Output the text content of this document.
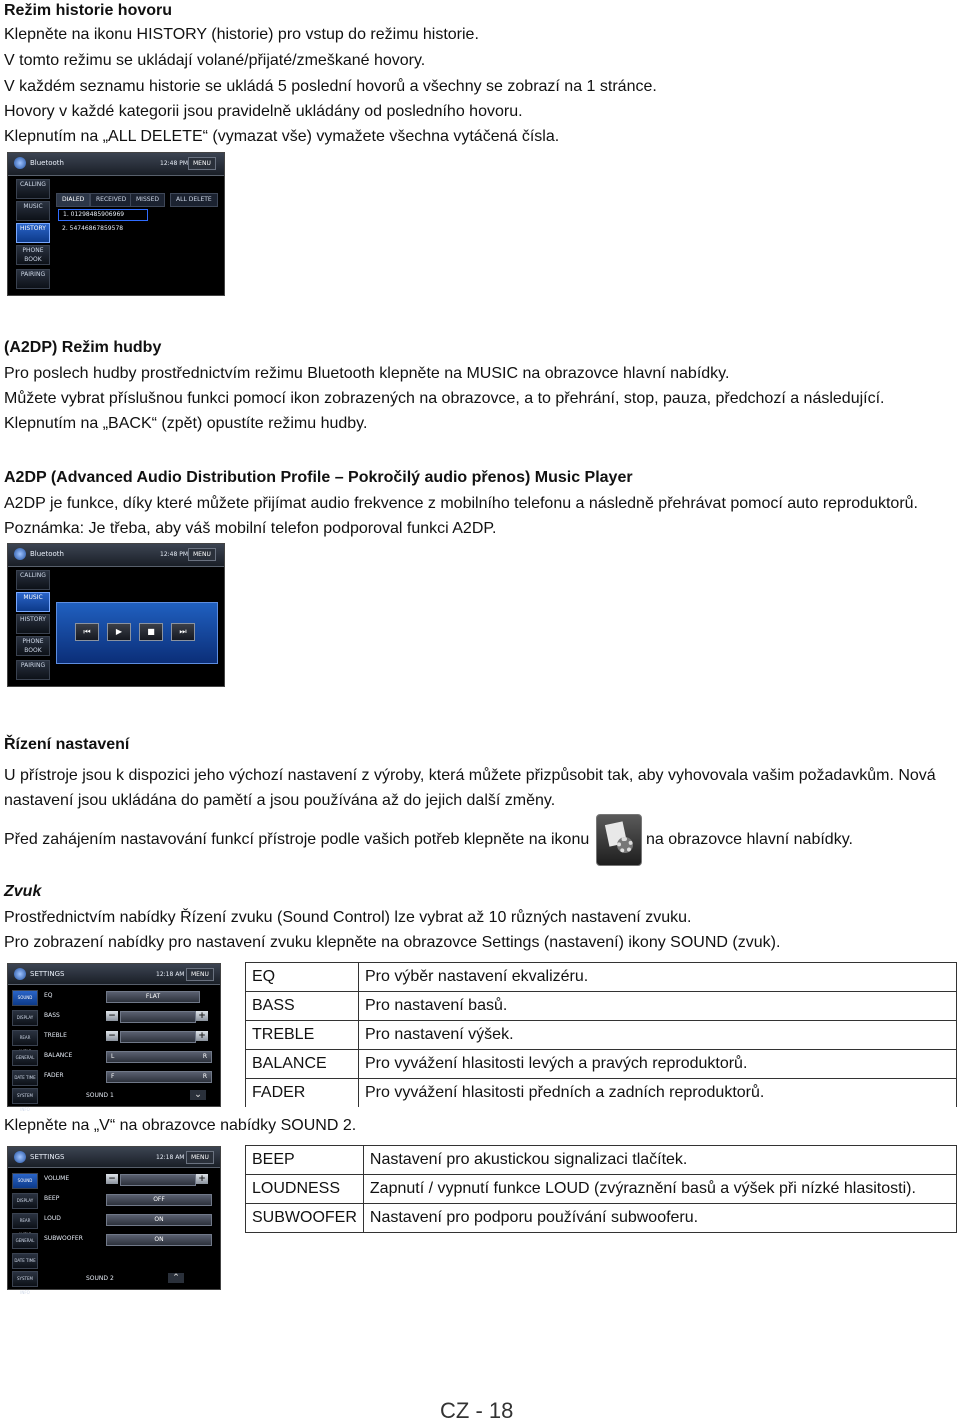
Režim historie hovoru
Klepněte na ikonu HISTORY (historie) pro vstup do režimu historie.
V tomto režimu se ukládají volané/přijaté/zmeškané hovory.
V každém seznamu historie se ukládá 5 poslední hovorů a všechny se zobrazí na 1 stránce.
Hovory v každé kategorii jsou pravidelně ukládány od posledního hovoru.
Klepnutím na „ALL DELETE“ (vymazat vše) vymažete všechna vytáčená čísla.
Bluetooth	12:48 PM MENU
CALLING
MUSIC
HISTORY
PHONE BOOK
PAIRING
DIALED	RECEIVED	MISSED	ALL DELETE
1. 01298485906969
2. 54746867859578
(A2DP) Režim hudby
Pro poslech hudby prostřednictvím režimu Bluetooth klepněte na MUSIC na obrazovce hlavní nabídky.
Můžete vybrat příslušnou funkci pomocí ikon zobrazených na obrazovce, a to přehrání, stop, pauza, předchozí a následující.
Klepnutím na „BACK“ (zpět) opustíte režimu hudby.
A2DP (Advanced Audio Distribution Profile – Pokročilý audio přenos) Music Player
A2DP je funkce, díky které můžete přijímat audio frekvence z mobilního telefonu a následně přehrávat pomocí auto reproduktorů.
Poznámka: Je třeba, aby váš mobilní telefon podporoval funkci A2DP.
Bluetooth	12:48 PM MENU
CALLING
MUSIC
HISTORY
PHONE BOOK
PAIRING
⏮	▶	■	⏭
Řízení nastavení
U přístroje jsou k dispozici jeho výchozí nastavení z výroby, která můžete přizpůsobit tak, aby vyhovovala vašim požadavkům. Nová
nastavení jsou ukládána do pamětí a jsou používána až do jejich další změny.
Před zahájením nastavování funkcí přístroje podle vašich potřeb klepněte na ikonu	na obrazovce hlavní nabídky.
Zvuk
Prostřednictvím nabídky Řízení zvuku (Sound Control) lze vybrat až 10 různých nastavení zvuku.
Pro zobrazení nabídky pro nastavení zvuku klepněte na obrazovce Settings (nastavení) ikony SOUND (zvuk).
SETTINGS	12:18 AM	MENU
SOUND
DISPLAY
REAR
GENERAL
DATE TIME
SYSTEM INFO
EQ	FLAT
BASS	−	+
TREBLE	−	+
BALANCE	L	R
FADER	F	R
SOUND 1	⌄
EQ	Pro výběr nastavení ekvalizéru.
BASS	Pro nastavení basů.
TREBLE	Pro nastavení výšek.
BALANCE	Pro vyvážení hlasitosti levých a pravých reproduktorů.
FADER	Pro vyvážení hlasitosti předních a zadních reproduktorů.
Klepněte na „V“ na obrazovce nabídky SOUND 2.
SETTINGS	12:18 AM	MENU
SOUND
DISPLAY
REAR
GENERAL
DATE TIME
SYSTEM INFO
VOLUME	−	+
BEEP	OFF
LOUD	ON
SUBWOOFER	ON
SOUND 2	⌃
BEEP	Nastavení pro akustickou signalizaci tlačítek.
LOUDNESS	Zapnutí / vypnutí funkce LOUD (zvýraznění basů a výšek při nízké hlasitosti).
SUBWOOFER	Nastavení pro podporu používání subwooferu.
CZ - 18
